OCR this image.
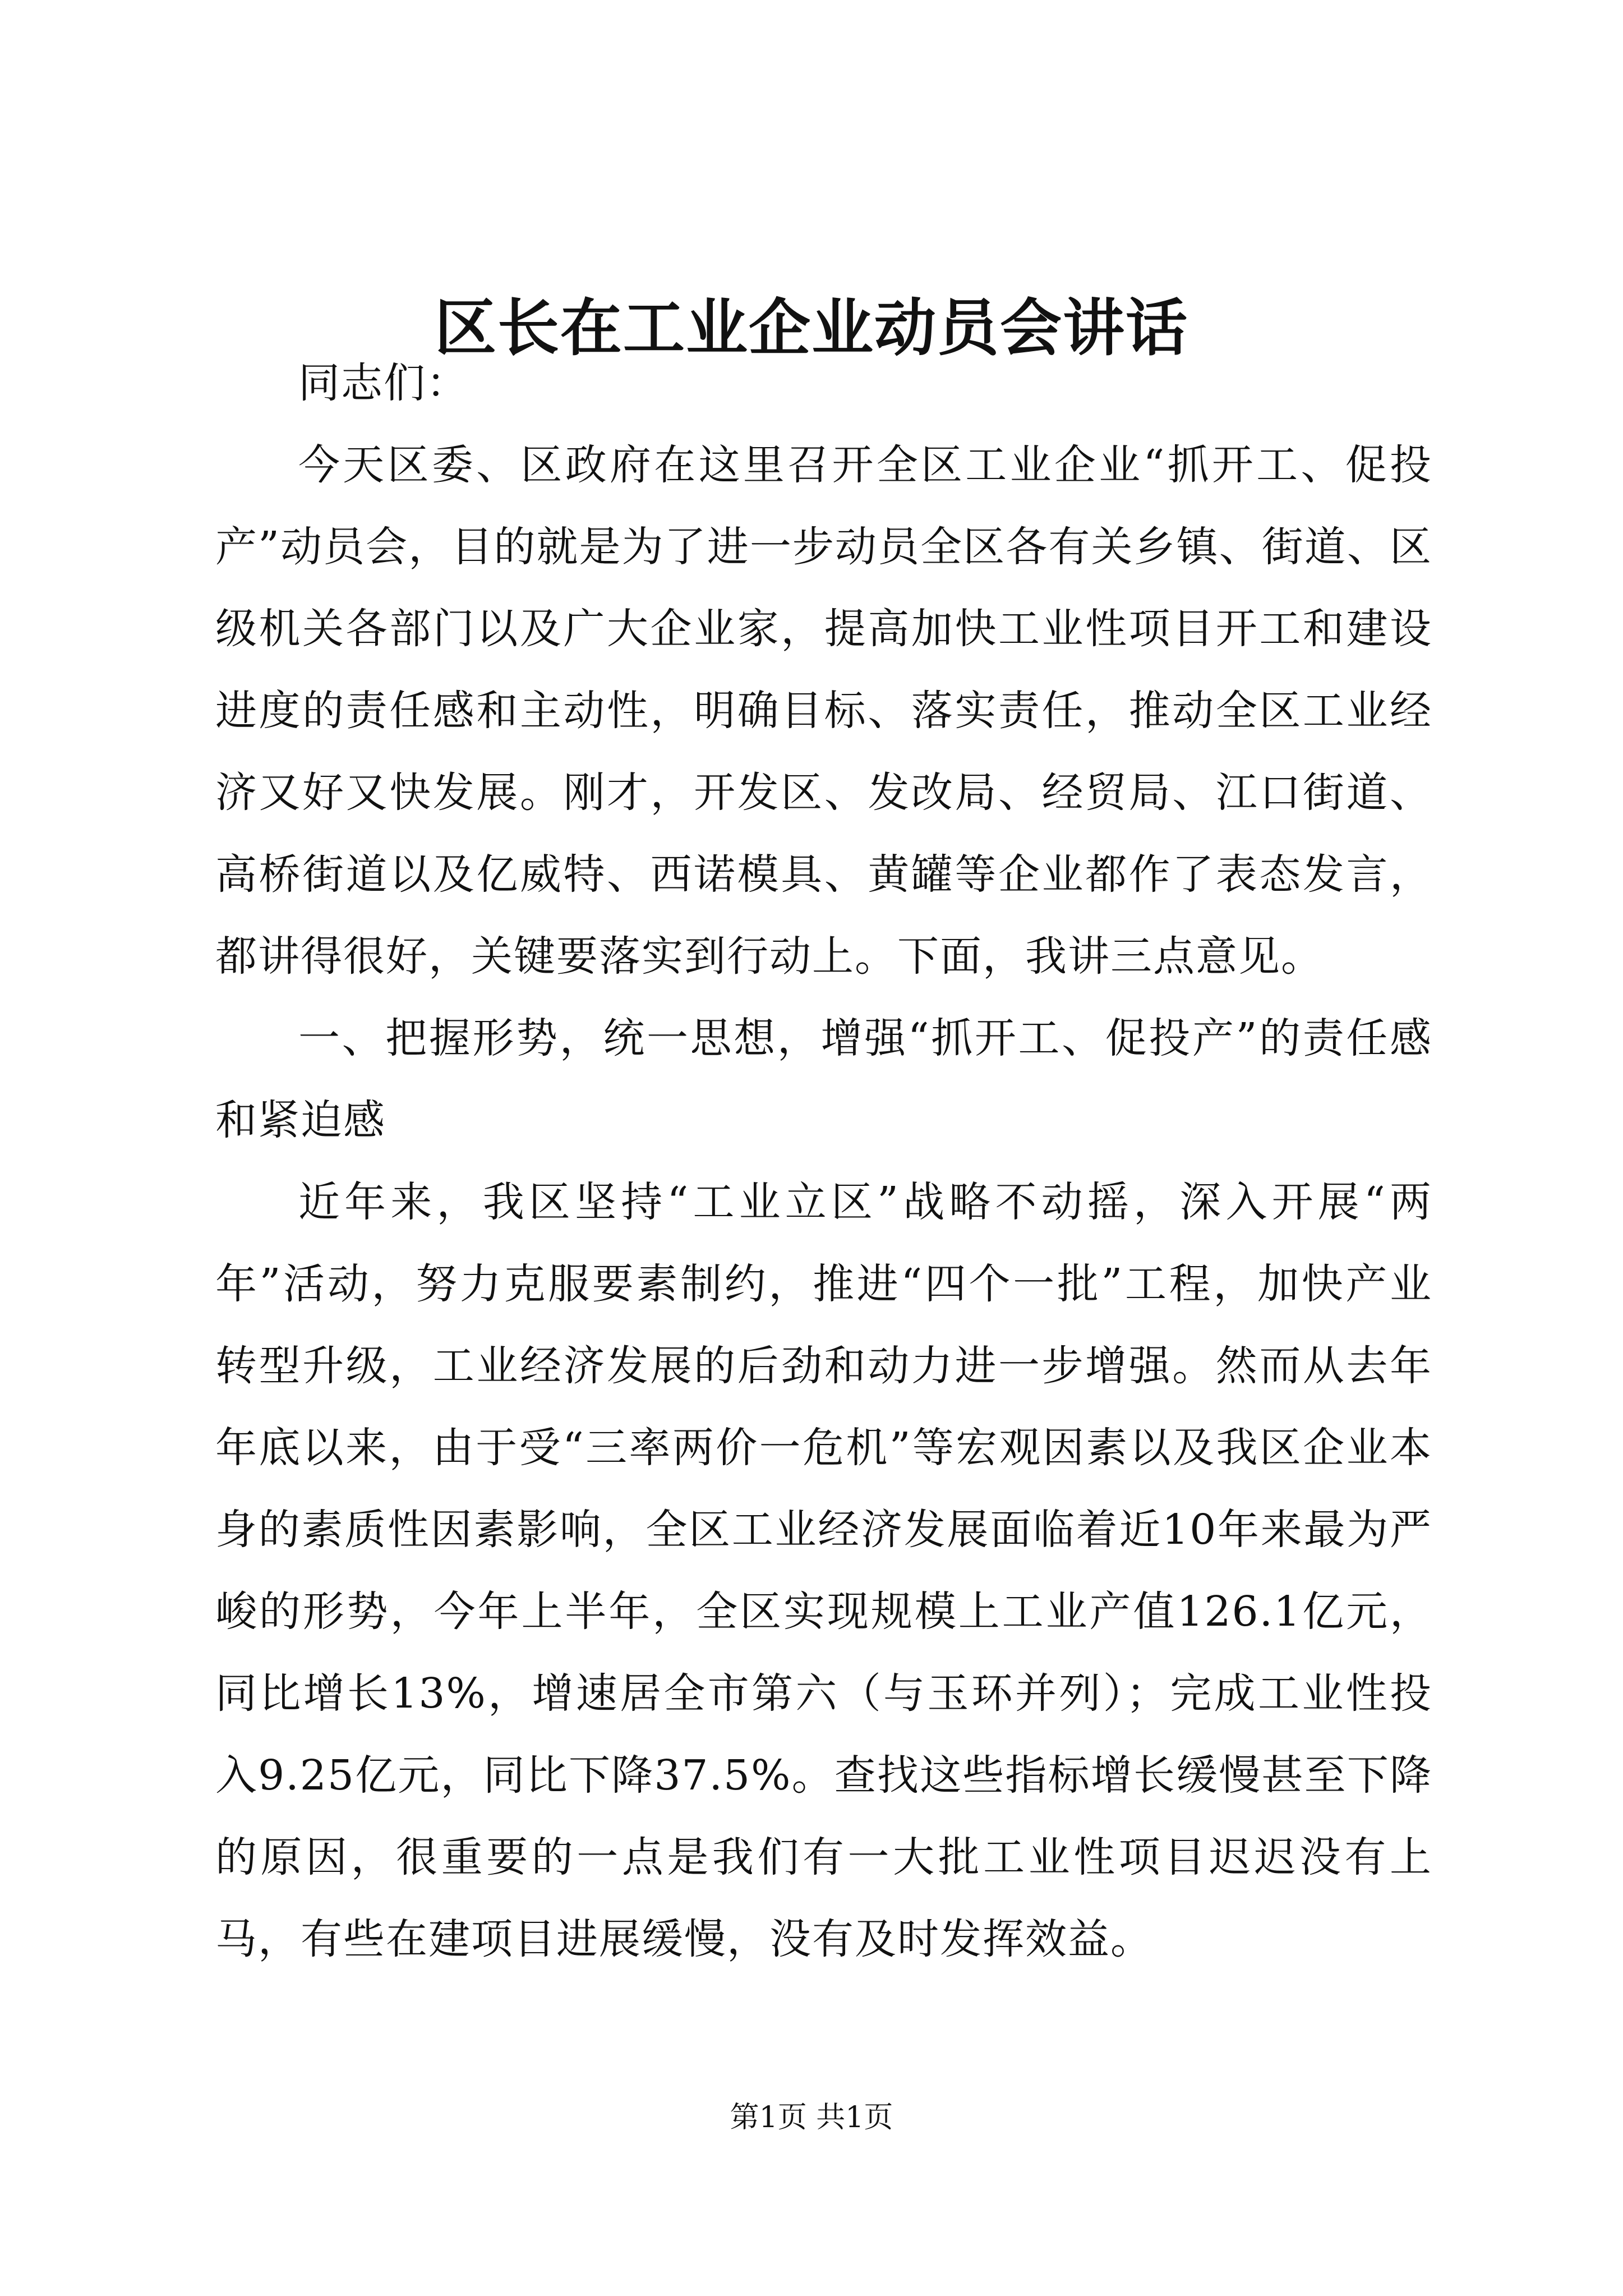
区长在工业企业动员会讲话

同志们：

今天区委、区政府在这里召开全区工业企业“抓开工、促投产”动员会，目的就是为了进一步动员全区各有关乡镇、街道、区级机关各部门以及广大企业家，提高加快工业性项目开工和建设进度的责任感和主动性，明确目标、落实责任，推动全区工业经济又好又快发展。刚才，开发区、发改局、经贸局、江口街道、高桥街道以及亿威特、西诺模具、黄罐等企业都作了表态发言，都讲得很好，关键要落实到行动上。下面，我讲三点意见。

一、把握形势，统一思想，增强“抓开工、促投产”的责任感和紧迫感

近年来，我区坚持“工业立区”战略不动摇，深入开展“两年”活动，努力克服要素制约，推进“四个一批”工程，加快产业转型升级，工业经济发展的后劲和动力进一步增强。然而从去年年底以来，由于受“三率两价一危机”等宏观因素以及我区企业本身的素质性因素影响，全区工业经济发展面临着近10年来最为严峻的形势，今年上半年，全区实现规模上工业产值126.1亿元，同比增长13%，增速居全市第六（与玉环并列）；完成工业性投入9.25亿元，同比下降37.5%。查找这些指标增长缓慢甚至下降的原因，很重要的一点是我们有一大批工业性项目迟迟没有上马，有些在建项目进展缓慢，没有及时发挥效益。

第1页 共1页
